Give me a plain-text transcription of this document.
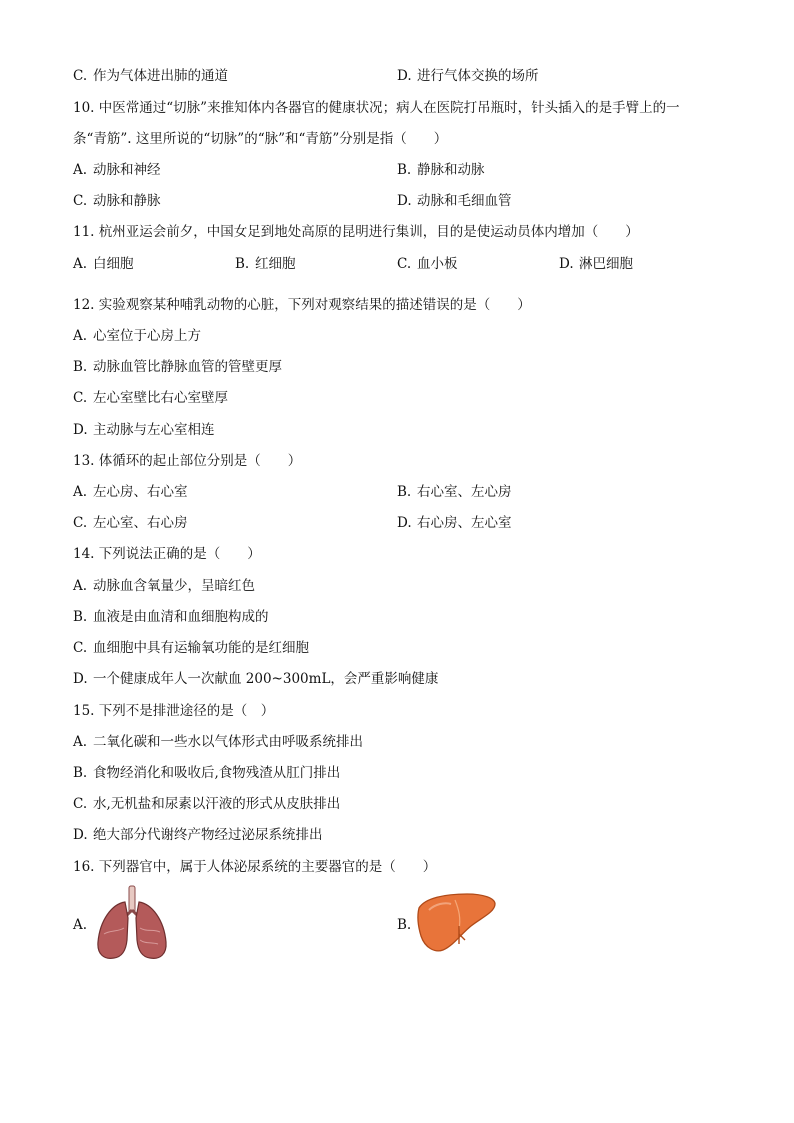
C. 作为气体进出肺的通道	D. 进行气体交换的场所
10. 中医常通过“切脉”来推知体内各器官的健康状况；病人在医院打吊瓶时，针头插入的是手臂上的一
条“青筋”. 这里所说的“切脉”的“脉”和“青筋”分别是指（　　）
A. 动脉和神经	B. 静脉和动脉
C. 动脉和静脉	D. 动脉和毛细血管
11. 杭州亚运会前夕，中国女足到地处高原的昆明进行集训，目的是使运动员体内增加（　　）
A. 白细胞	B. 红细胞	C. 血小板	D. 淋巴细胞
12. 实验观察某种哺乳动物的心脏，下列对观察结果的描述错误的是（　　）
A. 心室位于心房上方
B. 动脉血管比静脉血管的管壁更厚
C. 左心室壁比右心室壁厚
D. 主动脉与左心室相连
13. 体循环的起止部位分别是（　　）
A. 左心房、右心室	B. 右心室、左心房
C. 左心室、右心房	D. 右心房、左心室
14. 下列说法正确的是（　　）
A. 动脉血含氧量少，呈暗红色
B. 血液是由血清和血细胞构成的
C. 血细胞中具有运输氧功能的是红细胞
D. 一个健康成年人一次献血 200~300mL，会严重影响健康
15. 下列不是排泄途径的是（　）
A. 二氧化碳和一些水以气体形式由呼吸系统排出
B. 食物经消化和吸收后,食物残渣从肛门排出
C. 水,无机盐和尿素以汗液的形式从皮肤排出
D. 绝大部分代谢终产物经过泌尿系统排出
16. 下列器官中，属于人体泌尿系统的主要器官的是（　　）
A.	B.
